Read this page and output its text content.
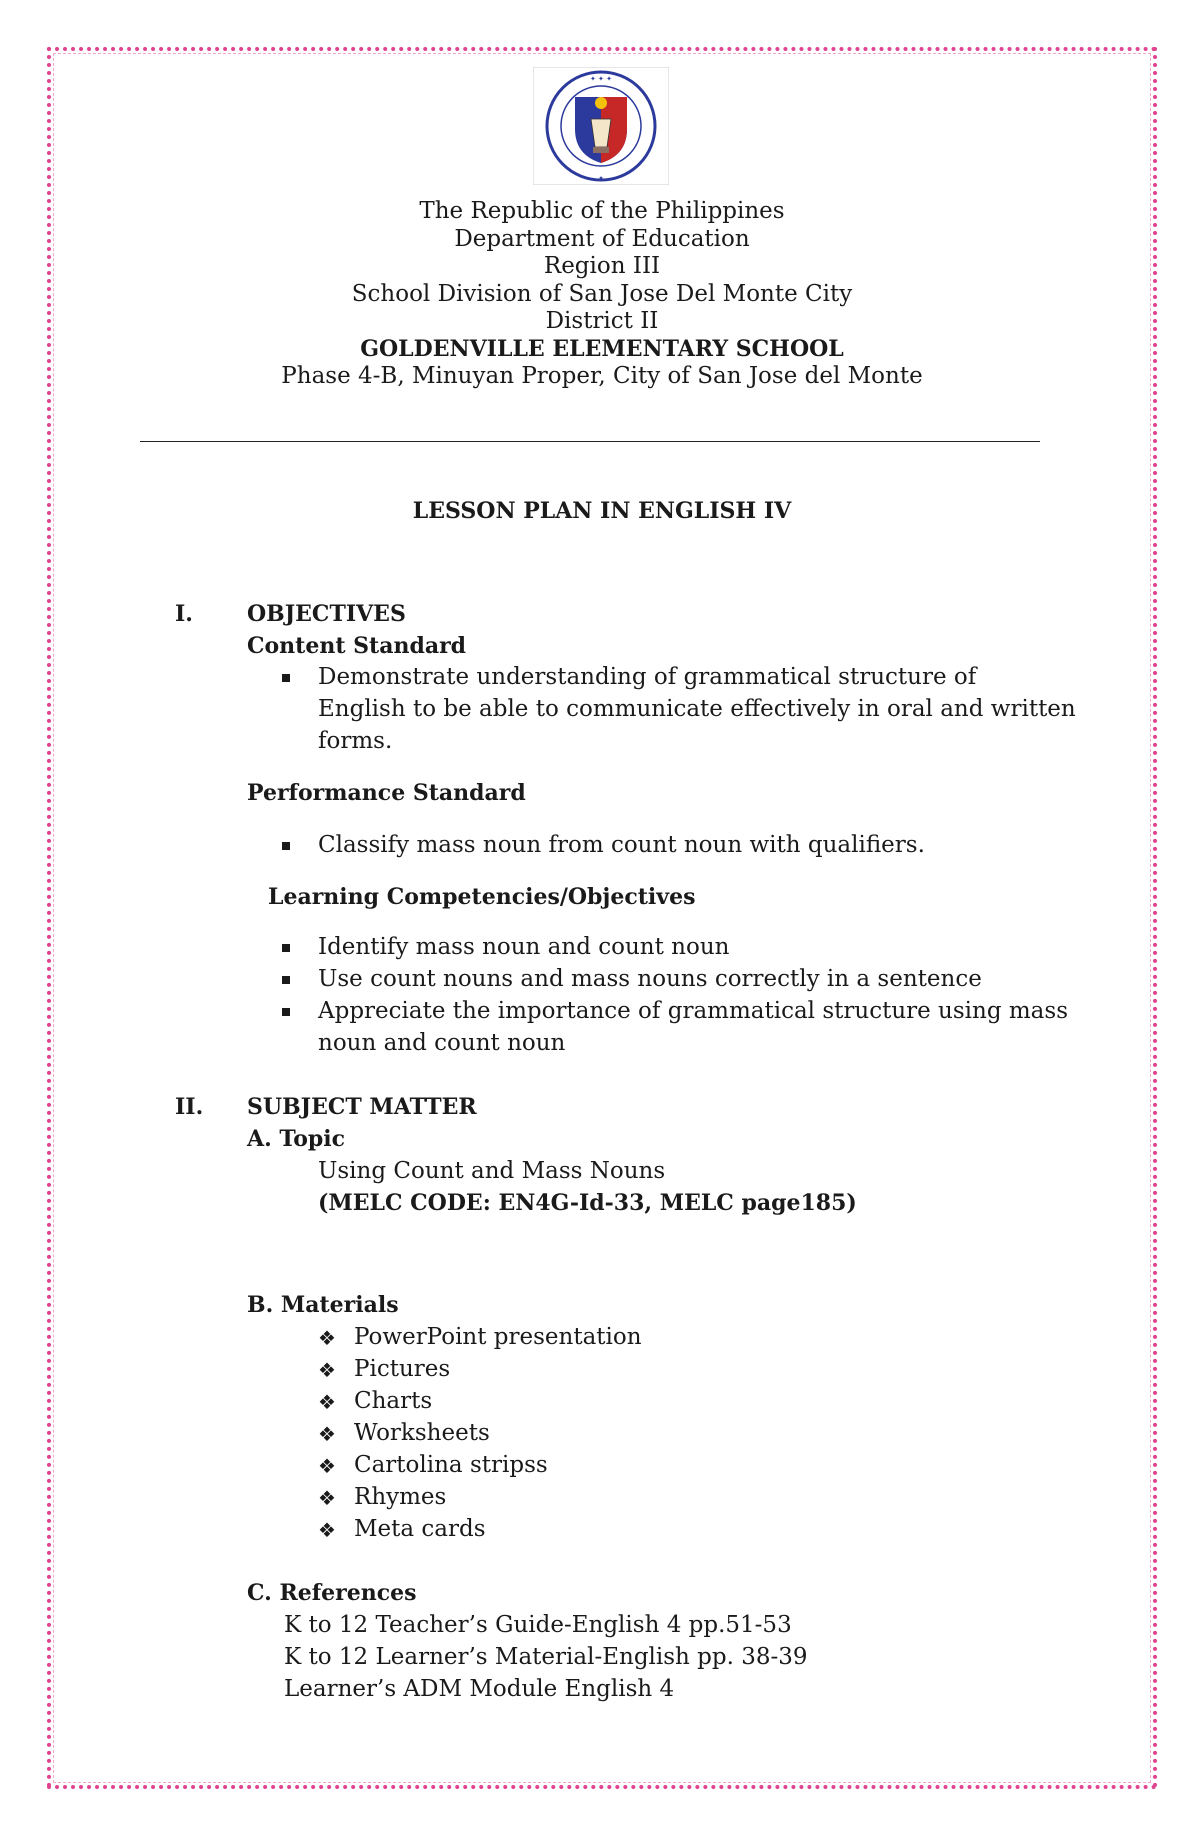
✦ ✦ ✦
✦
The Republic of the Philippines
Department of Education
Region III
School Division of San Jose Del Monte City
District II
GOLDENVILLE ELEMENTARY SCHOOL
Phase 4-B, Minuyan Proper, City of San Jose del Monte
LESSON PLAN IN ENGLISH IV
I. OBJECTIVES
Content Standard
Demonstrate understanding of grammatical structure of
English to be able to communicate effectively in oral and written
forms.
Performance Standard
Classify mass noun from count noun with qualifiers.
Learning Competencies/Objectives
Identify mass noun and count noun
Use count nouns and mass nouns correctly in a sentence
Appreciate the importance of grammatical structure using mass
noun and count noun
II. SUBJECT MATTER
A. Topic
Using Count and Mass Nouns
(MELC CODE: EN4G-Id-33, MELC page185)
B. Materials
❖ PowerPoint presentation
❖ Pictures
❖ Charts
❖ Worksheets
❖ Cartolina stripss
❖ Rhymes
❖ Meta cards
C. References
K to 12 Teacher’s Guide-English 4 pp.51-53
K to 12 Learner’s Material-English pp. 38-39
Learner’s ADM Module English 4
